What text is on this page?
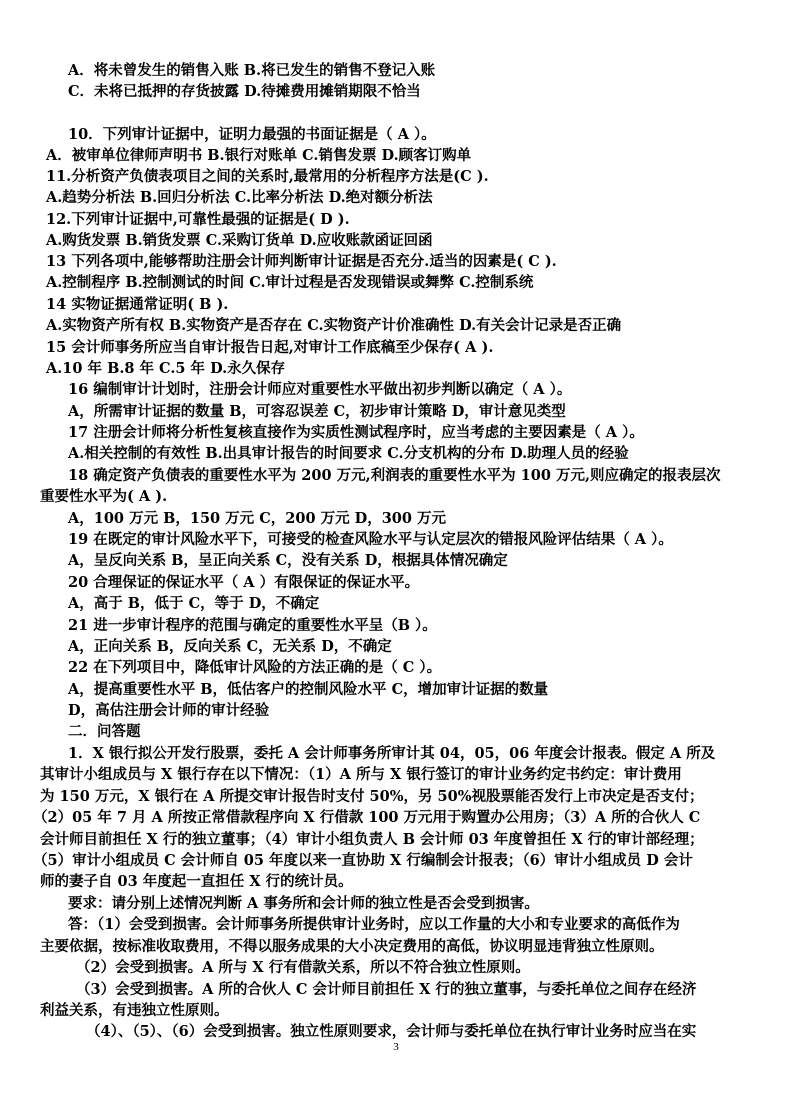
A．将未曾发生的销售入账 B.将已发生的销售不登记入账
C．未将已抵押的存货披露 D.待摊费用摊销期限不恰当
10．下列审计证据中，证明力最强的书面证据是（ A ）。
A．被审单位律师声明书 B.银行对账单 C.销售发票 D.顾客订购单
11.分析资产负债表项目之间的关系时,最常用的分析程序方法是(C ).
A.趋势分析法 B.回归分析法 C.比率分析法 D.绝对额分析法
12.下列审计证据中,可靠性最强的证据是( D ).
A.购货发票 B.销货发票 C.采购订货单 D.应收账款函证回函
13 下列各项中,能够帮助注册会计师判断审计证据是否充分.适当的因素是( C ).
A.控制程序 B.控制测试的时间 C.审计过程是否发现错误或舞弊 C.控制系统
14 实物证据通常证明( B ).
A.实物资产所有权 B.实物资产是否存在 C.实物资产计价准确性 D.有关会计记录是否正确
15 会计师事务所应当自审计报告日起,对审计工作底稿至少保存( A ).
A.10 年 B.8 年 C.5 年 D.永久保存
16 编制审计计划时，注册会计师应对重要性水平做出初步判断以确定（ A ）。
A，所需审计证据的数量 B，可容忍误差 C，初步审计策略 D，审计意见类型
17 注册会计师将分析性复核直接作为实质性测试程序时，应当考虑的主要因素是（ A ）。
A.相关控制的有效性 B.出具审计报告的时间要求 C.分支机构的分布 D.助理人员的经验
18 确定资产负债表的重要性水平为 200 万元,利润表的重要性水平为 100 万元,则应确定的报表层次
重要性水平为( A ).
A，100 万元 B，150 万元 C，200 万元 D，300 万元
19 在既定的审计风险水平下，可接受的检查风险水平与认定层次的错报风险评估结果（ A ）。
A，呈反向关系 B，呈正向关系 C，没有关系 D，根据具体情况确定
20 合理保证的保证水平（ A ）有限保证的保证水平。
A，高于 B，低于 C，等于 D，不确定
21 进一步审计程序的范围与确定的重要性水平呈（B ）。
A，正向关系 B，反向关系 C，无关系 D，不确定
22 在下列项目中，降低审计风险的方法正确的是（ C ）。
A，提高重要性水平 B，低估客户的控制风险水平 C，增加审计证据的数量
D，高估注册会计师的审计经验
二．问答题
1．X 银行拟公开发行股票，委托 A 会计师事务所审计其 04，05，06 年度会计报表。假定 A 所及
其审计小组成员与 X 银行存在以下情况：（1）A 所与 X 银行签订的审计业务约定书约定：审计费用
为 150 万元，X 银行在 A 所提交审计报告时支付 50%，另 50%视股票能否发行上市决定是否支付；
（2）05 年 7 月 A 所按正常借款程序向 X 行借款 100 万元用于购置办公用房；（3）A 所的合伙人 C
会计师目前担任 X 行的独立董事；（4）审计小组负责人 B 会计师 03 年度曾担任 X 行的审计部经理；
（5）审计小组成员 C 会计师自 05 年度以来一直协助 X 行编制会计报表；（6）审计小组成员 D 会计
师的妻子自 03 年度起一直担任 X 行的统计员。
要求：请分别上述情况判断 A 事务所和会计师的独立性是否会受到损害。
答：（1）会受到损害。会计师事务所提供审计业务时，应以工作量的大小和专业要求的高低作为
主要依据，按标准收取费用，不得以服务成果的大小决定费用的高低，协议明显违背独立性原则。
（2）会受到损害。A 所与 X 行有借款关系，所以不符合独立性原则。
（3）会受到损害。A 所的合伙人 C 会计师目前担任 X 行的独立董事，与委托单位之间存在经济
利益关系，有违独立性原则。
（4）、（5）、（6）会受到损害。独立性原则要求，会计师与委托单位在执行审计业务时应当在实
3
